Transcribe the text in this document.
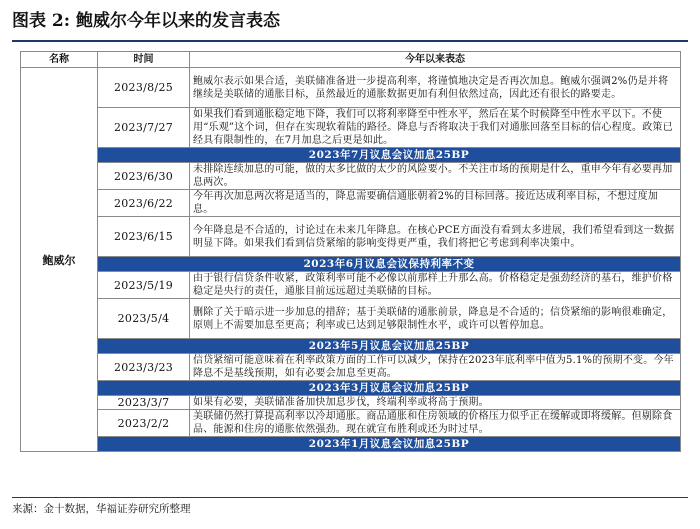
图表 2: 鲍威尔今年以来的发言表态
名称	时间	今年以来表态
鲍威尔	2023/8/25	鲍威尔表示如果合适，美联储准备进一步提高利率，将谨慎地决定是否再次加息。鲍威尔强调2%仍是并将继续是美联储的通胀目标，虽然最近的通胀数据更加有利但依然过高，因此还有很长的路要走。
	2023/7/27	如果我们看到通胀稳定地下降，我们可以将利率降至中性水平，然后在某个时候降至中性水平以下。不使用“乐观”这个词，但存在实现软着陆的路径。降息与否将取决于我们对通胀回落至目标的信心程度。政策已经具有限制性的，在7月加息之后更是如此。
	2023年7月议息会议加息25BP	
	2023/6/30	未排除连续加息的可能，做的太多比做的太少的风险要小。不关注市场的预期是什么，重申今年有必要再加息两次。
	2023/6/22	今年再次加息两次将是适当的，降息需要确信通胀朝着2%的目标回落。接近达成利率目标，不想过度加息。
	2023/6/15	今年降息是不合适的，讨论过在未来几年降息。在核心PCE方面没有看到太多进展，我们希望看到这一数据明显下降。如果我们看到信贷紧缩的影响变得更严重，我们将把它考虑到利率决策中。
	2023年6月议息会议保持利率不变	
	2023/5/19	由于银行信贷条件收紧，政策利率可能不必像以前那样上升那么高。价格稳定是强劲经济的基石，维护价格稳定是央行的责任，通胀目前远远超过美联储的目标。
	2023/5/4	删除了关于暗示进一步加息的措辞；基于美联储的通胀前景，降息是不合适的；信贷紧缩的影响很难确定，原则上不需要加息至更高；利率或已达到足够限制性水平，或许可以暂停加息。
	2023年5月议息会议加息25BP	
	2023/3/23	信贷紧缩可能意味着在利率政策方面的工作可以减少，保持在2023年底利率中值为5.1%的预期不变。今年降息不是基线预期，如有必要会加息至更高。
	2023年3月议息会议加息25BP	
	2023/3/7	如果有必要，美联储准备加快加息步伐，终端利率或将高于预期。
	2023/2/2	美联储仍然打算提高利率以冷却通胀。商品通胀和住房领域的价格压力似乎正在缓解或即将缓解。但剔除食品、能源和住房的通胀依然强劲。现在就宣布胜利或还为时过早。
	2023年1月议息会议加息25BP	
来源：金十数据，华福证券研究所整理
